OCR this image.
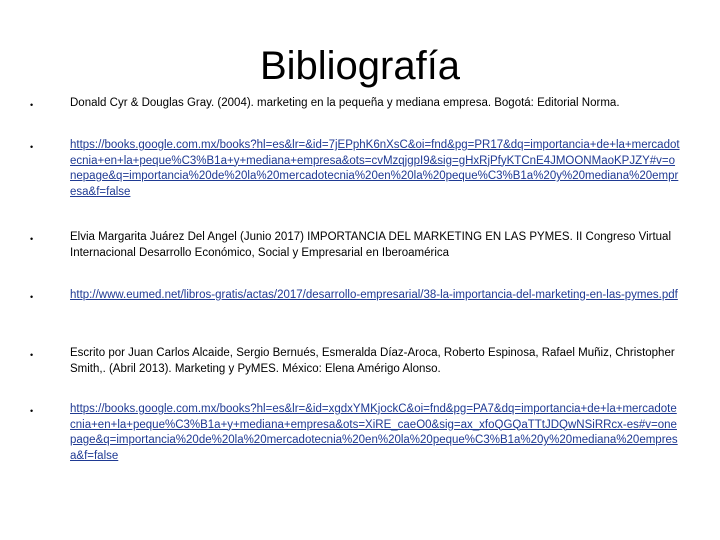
Bibliografía
•	Donald Cyr & Douglas Gray. (2004). marketing en la pequeña y mediana empresa. Bogotá: Editorial Norma.
•	https://books.google.com.mx/books?hl=es&lr=&id=7jEPphK6nXsC&oi=fnd&pg=PR17&dq=importancia+de+la+mercadotecnia+en+la+peque%C3%B1a+y+mediana+empresa&ots=cvMzqjgpI9&sig=gHxRjPfyKTCnE4JMOONMaoKPJZY#v=onepage&q=importancia%20de%20la%20mercadotecnia%20en%20la%20peque%C3%B1a%20y%20mediana%20empresa&f=false
•	Elvia Margarita Juárez Del Angel (Junio 2017) IMPORTANCIA DEL MARKETING EN LAS PYMES. II Congreso Virtual Internacional Desarrollo Económico, Social y Empresarial en Iberoamérica
•	http://www.eumed.net/libros-gratis/actas/2017/desarrollo-empresarial/38-la-importancia-del-marketing-en-las-pymes.pdf
•	Escrito por Juan Carlos Alcaide, Sergio Bernués, Esmeralda Díaz-Aroca, Roberto Espinosa, Rafael Muñiz, Christopher Smith,. (Abril 2013). Marketing y PyMES. México: Elena Amérigo Alonso.
•	https://books.google.com.mx/books?hl=es&lr=&id=xgdxYMKjockC&oi=fnd&pg=PA7&dq=importancia+de+la+mercadotecnia+en+la+peque%C3%B1a+y+mediana+empresa&ots=XiRE_caeO0&sig=ax_xfoQGQaTTtJDQwNSiRRcx-es#v=onepage&q=importancia%20de%20la%20mercadotecnia%20en%20la%20peque%C3%B1a%20y%20mediana%20empresa&f=false
